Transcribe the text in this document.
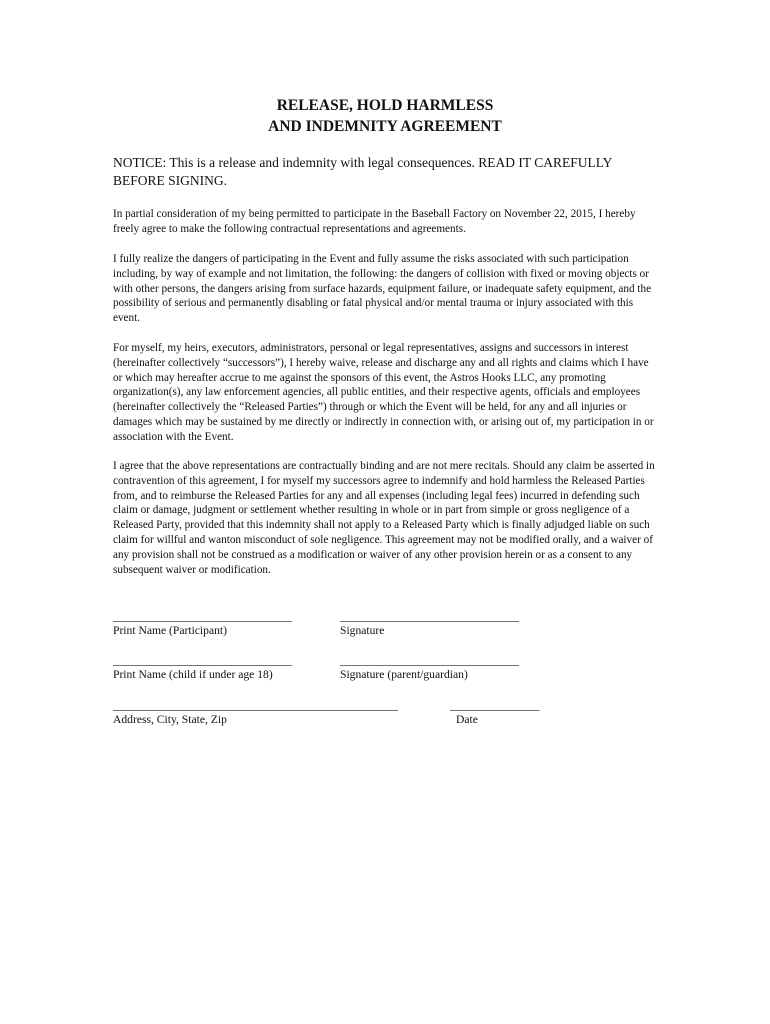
RELEASE, HOLD HARMLESS
AND INDEMNITY AGREEMENT
NOTICE: This is a release and indemnity with legal consequences. READ IT CAREFULLY BEFORE SIGNING.
In partial consideration of my being permitted to participate in the Baseball Factory on November 22, 2015, I hereby freely agree to make the following contractual representations and agreements.
I fully realize the dangers of participating in the Event and fully assume the risks associated with such participation including, by way of example and not limitation, the following: the dangers of collision with fixed or moving objects or with other persons, the dangers arising from surface hazards, equipment failure, or inadequate safety equipment, and the possibility of serious and permanently disabling or fatal physical and/or mental trauma or injury associated with this event.
For myself, my heirs, executors, administrators, personal or legal representatives, assigns and successors in interest (hereinafter collectively “successors”), I hereby waive, release and discharge any and all rights and claims which I have or which may hereafter accrue to me against the sponsors of this event, the Astros Hooks LLC, any promoting organization(s), any law enforcement agencies, all public entities, and their respective agents, officials and employees (hereinafter collectively the “Released Parties”) through or which the Event will be held, for any and all injuries or damages which may be sustained by me directly or indirectly in connection with, or arising out of, my participation in or association with the Event.
I agree that the above representations are contractually binding and are not mere recitals. Should any claim be asserted in contravention of this agreement, I for myself my successors agree to indemnify and hold harmless the Released Parties from, and to reimburse the Released Parties for any and all expenses (including legal fees) incurred in defending such claim or damage, judgment or settlement whether resulting in whole or in part from simple or gross negligence of a Released Party, provided that this indemnity shall not apply to a Released Party which is finally adjudged liable on such claim for willful and wanton misconduct of sole negligence. This agreement may not be modified orally, and a waiver of any provision shall not be construed as a modification or waiver of any other provision herein or as a consent to any subsequent waiver or modification.
________________________________	________________________________
Print Name (Participant)	Signature
________________________________	________________________________
Print Name (child if under age 18)	Signature (parent/guardian)
___________________________________________________	________________
Address, City, State, Zip	Date
